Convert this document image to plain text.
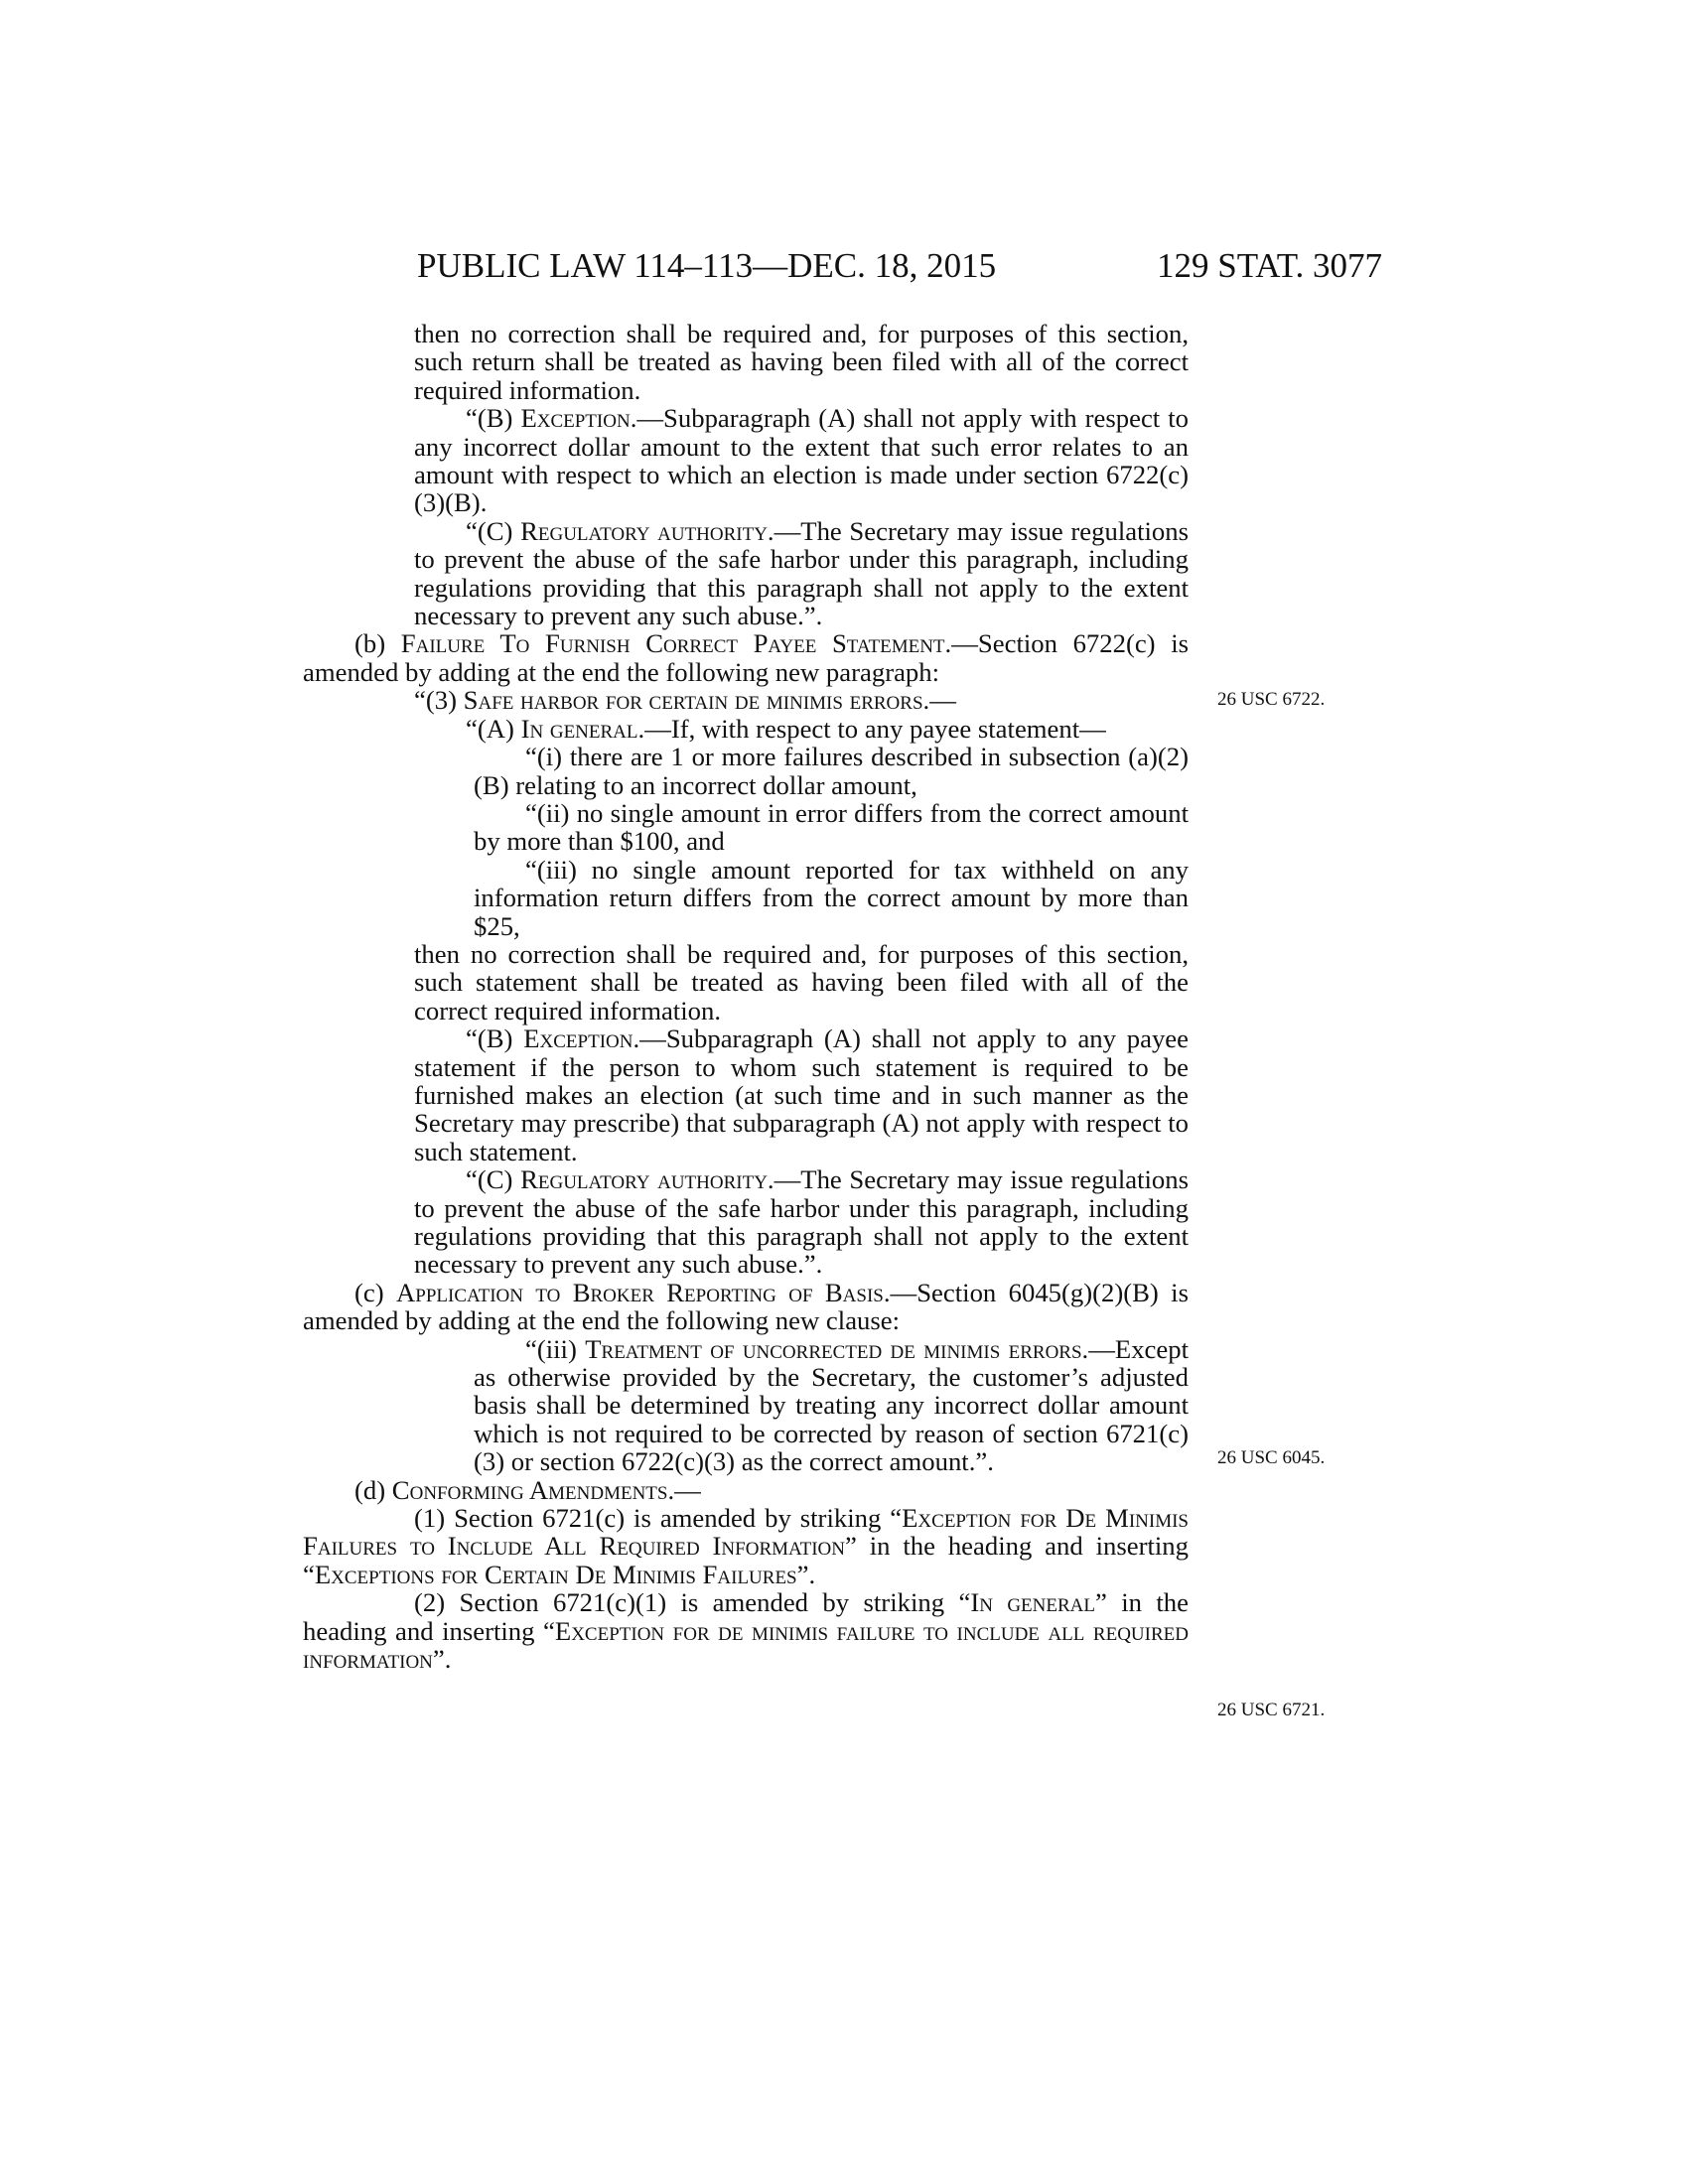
PUBLIC LAW 114–113—DEC. 18, 2015	129 STAT. 3077

then no correction shall be required and, for purposes of this section, such return shall be treated as having been filed with all of the correct required information.

“(B) Exception.—Subparagraph (A) shall not apply with respect to any incorrect dollar amount to the extent that such error relates to an amount with respect to which an election is made under section 6722(c)(3)(B).

“(C) Regulatory authority.—The Secretary may issue regulations to prevent the abuse of the safe harbor under this paragraph, including regulations providing that this paragraph shall not apply to the extent necessary to prevent any such abuse.”.

(b) Failure To Furnish Correct Payee Statement.—Section 6722(c) is amended by adding at the end the following new paragraph:

“(3) Safe harbor for certain de minimis errors.—

“(A) In general.—If, with respect to any payee statement—

“(i) there are 1 or more failures described in subsection (a)(2)(B) relating to an incorrect dollar amount,

“(ii) no single amount in error differs from the correct amount by more than $100, and

“(iii) no single amount reported for tax withheld on any information return differs from the correct amount by more than $25,

then no correction shall be required and, for purposes of this section, such statement shall be treated as having been filed with all of the correct required information.

“(B) Exception.—Subparagraph (A) shall not apply to any payee statement if the person to whom such statement is required to be furnished makes an election (at such time and in such manner as the Secretary may prescribe) that subparagraph (A) not apply with respect to such statement.

“(C) Regulatory authority.—The Secretary may issue regulations to prevent the abuse of the safe harbor under this paragraph, including regulations providing that this paragraph shall not apply to the extent necessary to prevent any such abuse.”.

(c) Application to Broker Reporting of Basis.—Section 6045(g)(2)(B) is amended by adding at the end the following new clause:

“(iii) Treatment of uncorrected de minimis errors.—Except as otherwise provided by the Secretary, the customer’s adjusted basis shall be determined by treating any incorrect dollar amount which is not required to be corrected by reason of section 6721(c)(3) or section 6722(c)(3) as the correct amount.”.

(d) Conforming Amendments.—

(1) Section 6721(c) is amended by striking “Exception for De Minimis Failures to Include All Required Information” in the heading and inserting “Exceptions for Certain De Minimis Failures”.

(2) Section 6721(c)(1) is amended by striking “In general” in the heading and inserting “Exception for de minimis failure to include all required information”.

26 USC 6722.
26 USC 6045.
26 USC 6721.
